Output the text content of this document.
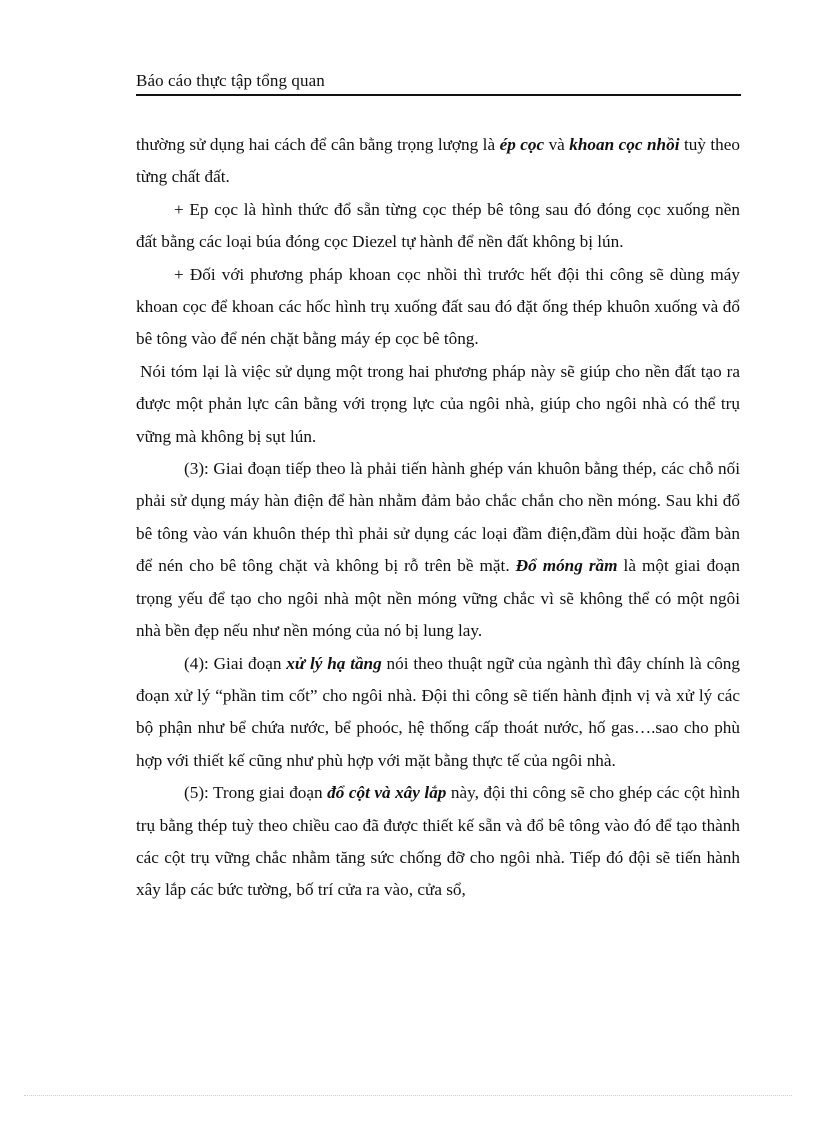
Báo cáo thực tập tổng quan

thường sử dụng hai cách để cân bằng trọng lượng là ép cọc và khoan cọc nhồi tuỳ theo từng chất đất.

+ Ep cọc là hình thức đổ sẵn từng cọc thép bê tông sau đó đóng cọc xuống nền đất bằng các loại búa đóng cọc Diezel tự hành để nền đất không bị lún.

+ Đối với phương pháp khoan cọc nhồi thì trước hết đội thi công sẽ dùng máy khoan cọc để khoan các hốc hình trụ xuống đất sau đó đặt ống thép khuôn xuống và đổ bê tông vào để nén chặt bằng máy ép cọc bê tông.

Nói tóm lại là việc sử dụng một trong hai phương pháp này sẽ giúp cho nền đất tạo ra được một phản lực cân bằng với trọng lực của ngôi nhà, giúp cho ngôi nhà có thể trụ vững mà không bị sụt lún.

(3): Giai đoạn tiếp theo là phải tiến hành ghép ván khuôn bằng thép, các chỗ nối phải sử dụng máy hàn điện để hàn nhằm đảm bảo chắc chắn cho nền móng. Sau khi đổ bê tông vào ván khuôn thép thì phải sử dụng các loại đầm điện,đầm dùi hoặc đầm bàn để nén cho bê tông chặt và không bị rỗ trên bề mặt. Đổ móng rầm là một giai đoạn trọng yếu để tạo cho ngôi nhà một nền móng vững chắc vì sẽ không thể có một ngôi nhà bền đẹp nếu như nền móng của nó bị lung lay.

(4): Giai đoạn xử lý hạ tầng nói theo thuật ngữ của ngành thì đây chính là công đoạn xử lý “phần tim cốt” cho ngôi nhà. Đội thi công sẽ tiến hành định vị và xử lý các bộ phận như bể chứa nước, bể phoóc, hệ thống cấp thoát nước, hố gas….sao cho phù hợp với thiết kế cũng như phù hợp với mặt bằng thực tế của ngôi nhà.

(5): Trong giai đoạn đổ cột và xây lắp này, đội thi công sẽ cho ghép các cột hình trụ bằng thép tuỳ theo chiều cao đã được thiết kế sẵn và đổ bê tông vào đó để tạo thành các cột trụ vững chắc nhằm tăng sức chống đỡ cho ngôi nhà. Tiếp đó đội sẽ tiến hành xây lắp các bức tường, bố trí cửa ra vào, cửa sổ,
